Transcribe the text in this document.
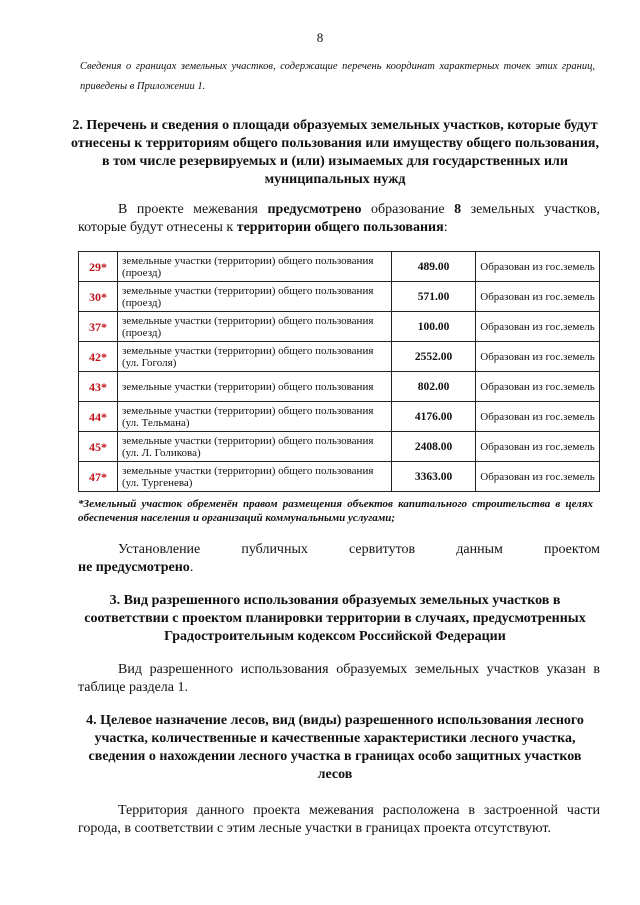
8
Сведения о границах земельных участков, содержащие перечень координат характерных точек этих границ, приведены в Приложении 1.
2. Перечень и сведения о площади образуемых земельных участков, которые будут отнесены к территориям общего пользования или имуществу общего пользования, в том числе резервируемых и (или) изымаемых для государственных или муниципальных нужд
В проекте межевания предусмотрено образование 8 земельных участков, которые будут отнесены к территории общего пользования:
29*	земельные участки (территории) общего пользования (проезд)	489.00	Образован из гос.земель
30*	земельные участки (территории) общего пользования (проезд)	571.00	Образован из гос.земель
37*	земельные участки (территории) общего пользования (проезд)	100.00	Образован из гос.земель
42*	земельные участки (территории) общего пользования (ул. Гоголя)	2552.00	Образован из гос.земель
43*	земельные участки (территории) общего пользования	802.00	Образован из гос.земель
44*	земельные участки (территории) общего пользования (ул. Тельмана)	4176.00	Образован из гос.земель
45*	земельные участки (территории) общего пользования (ул. Л. Голикова)	2408.00	Образован из гос.земель
47*	земельные участки (территории) общего пользования (ул. Тургенева)	3363.00	Образован из гос.земель
*Земельный участок обременён правом размещения объектов капитального строительства в целях обеспечения населения и организаций коммунальными услугами;
Установление публичных сервитутов данным проектом не предусмотрено.
3. Вид разрешенного использования образуемых земельных участков в соответствии с проектом планировки территории в случаях, предусмотренных Градостроительным кодексом Российской Федерации
Вид разрешенного использования образуемых земельных участков указан в таблице раздела 1.
4. Целевое назначение лесов, вид (виды) разрешенного использования лесного участка, количественные и качественные характеристики лесного участка, сведения о нахождении лесного участка в границах особо защитных участков лесов
Территория данного проекта межевания расположена в застроенной части города, в соответствии с этим лесные участки в границах проекта отсутствуют.
